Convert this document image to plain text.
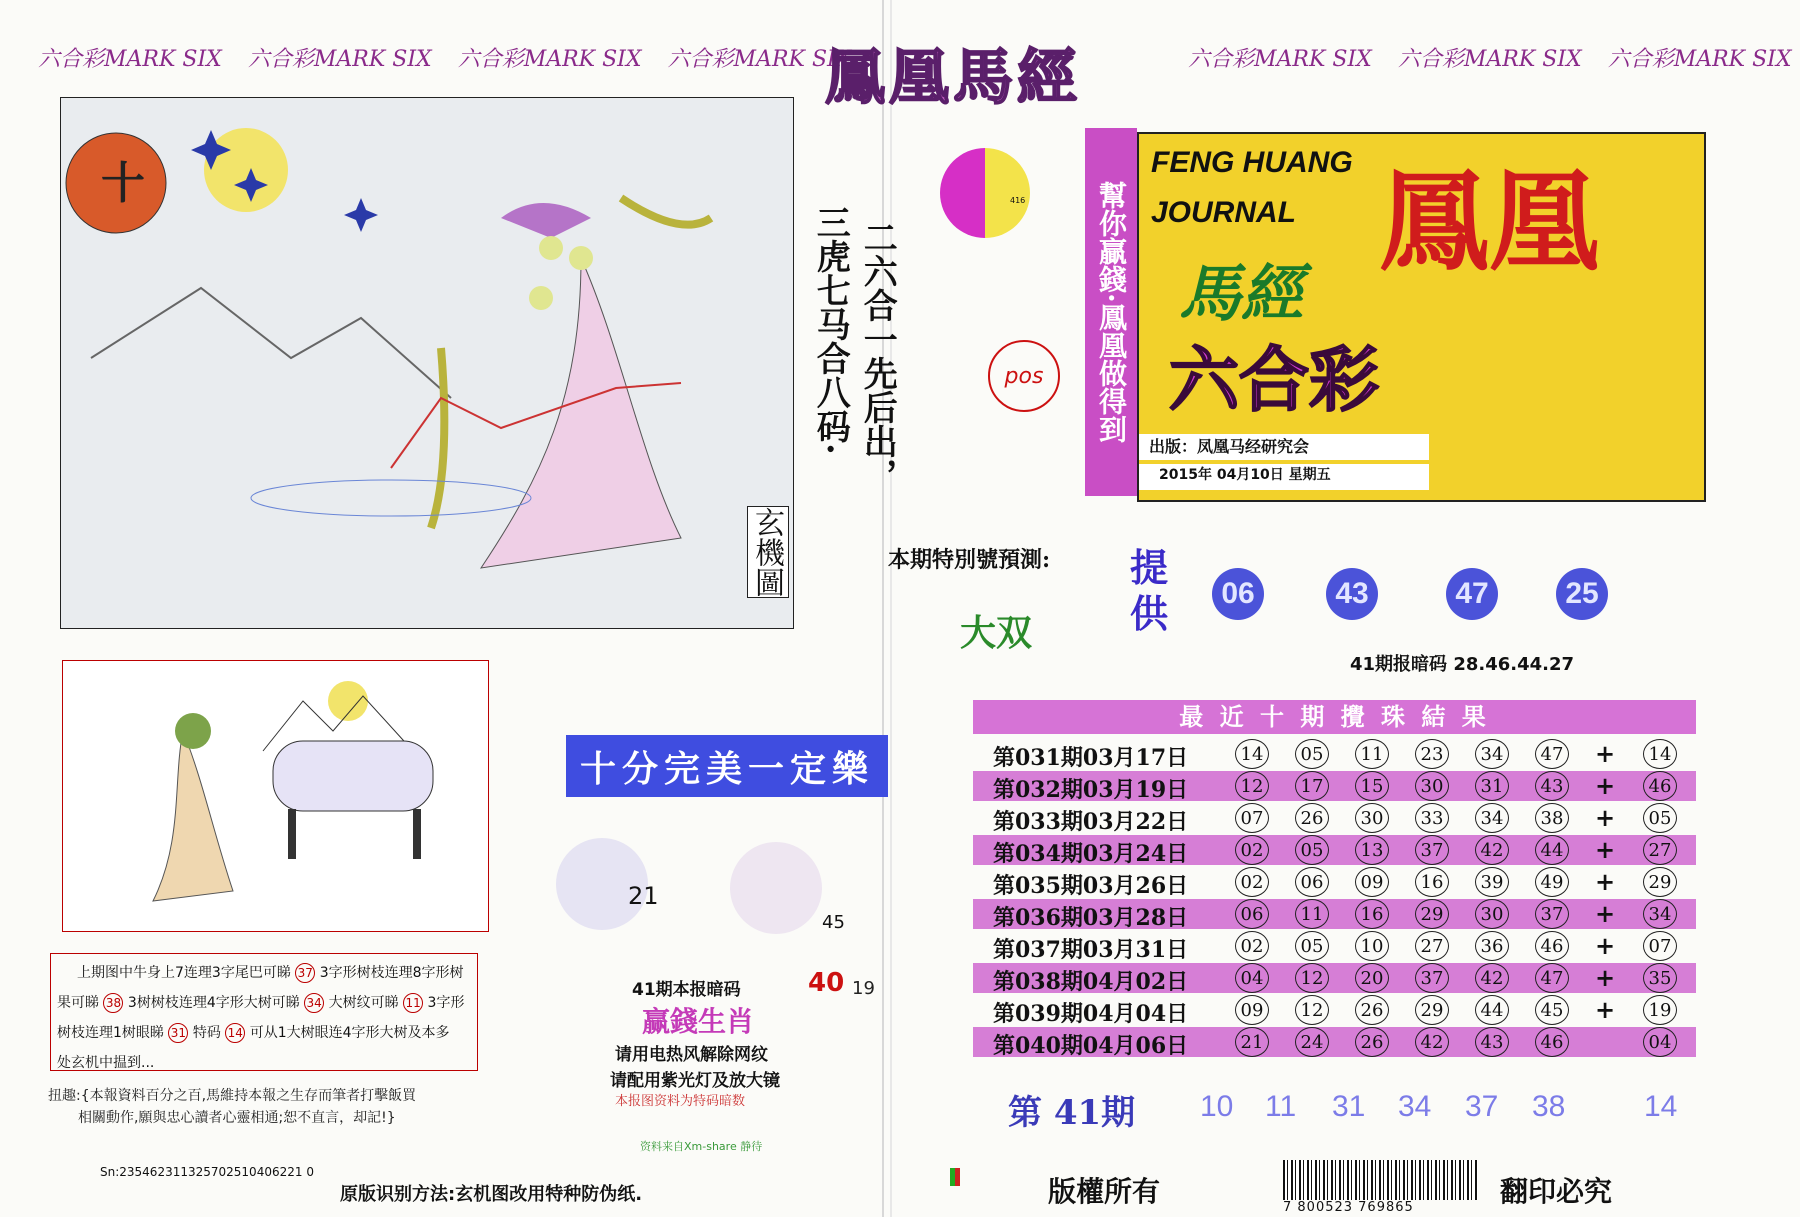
六合彩MARK SIX 六合彩MARK SIX 六合彩MARK SIX 六合彩MARK SIX	六合彩MARK SIX 六合彩MARK SIX 六合彩MARK SIX
鳳凰馬經
十
玄機圖
二六合一先后出，
三虎七马合八码·
上期图中牛身上7连理3字尾巴可睇 37 3字形树枝连理8字形树
果可睇 38 3树树枝连理4字形大树可睇 34 大树纹可睇 11 3字形
树枝连理1树眼睇 31 特码 14 可从1大树眼连4字形大树及本多
处玄机中揾到...
扭趣:{本報資料百分之百,馬維持本報之生存而筆者打擊飯買
相關動作,願與忠心讀者心靈相通;恕不直言，却記!}
十分完美一定樂
21
45
40 19
41期本报暗码
赢錢生肖
请用电热风解除网纹
请配用紫光灯及放大镜
本报图资料为特码暗数
资料来自Xm-share 静待
幫你贏錢·鳳凰做得到
FENG HUANG
JOURNAL 鳳凰
馬經
六合彩
出版：凤凰马经研究会
2015年 04月10日 星期五
416
pos
本期特別號預測:
大双
提供	06	43	47	25
41期报暗码 28.46.44.27
最 近 十 期 攪 珠 結 果
第031期03月17日	14	05	11	23	34	47 +	14
第032期03月19日	12	17	15	30	31	43 +	46
第033期03月22日	07	26	30	33	34	38 +	05
第034期03月24日	02	05	13	37	42	44 +	27
第035期03月26日	02	06	09	16	39	49 +	29
第036期03月28日	06	11	16	29	30	37 +	34
第037期03月31日	02	05	10	27	36	46 +	07
第038期04月02日	04	12	20	37	42	47 +	35
第039期04月04日	09	12	26	29	44	45 +	19
第040期04月06日	21	24	26	42	43	46	04
第 41期 10 11 31 34 37 38	14
Sn:235462311325702510406221 0
原版识别方法:玄机图改用特种防伪纸.	版權所有	7 800523 769865	翻印必究
